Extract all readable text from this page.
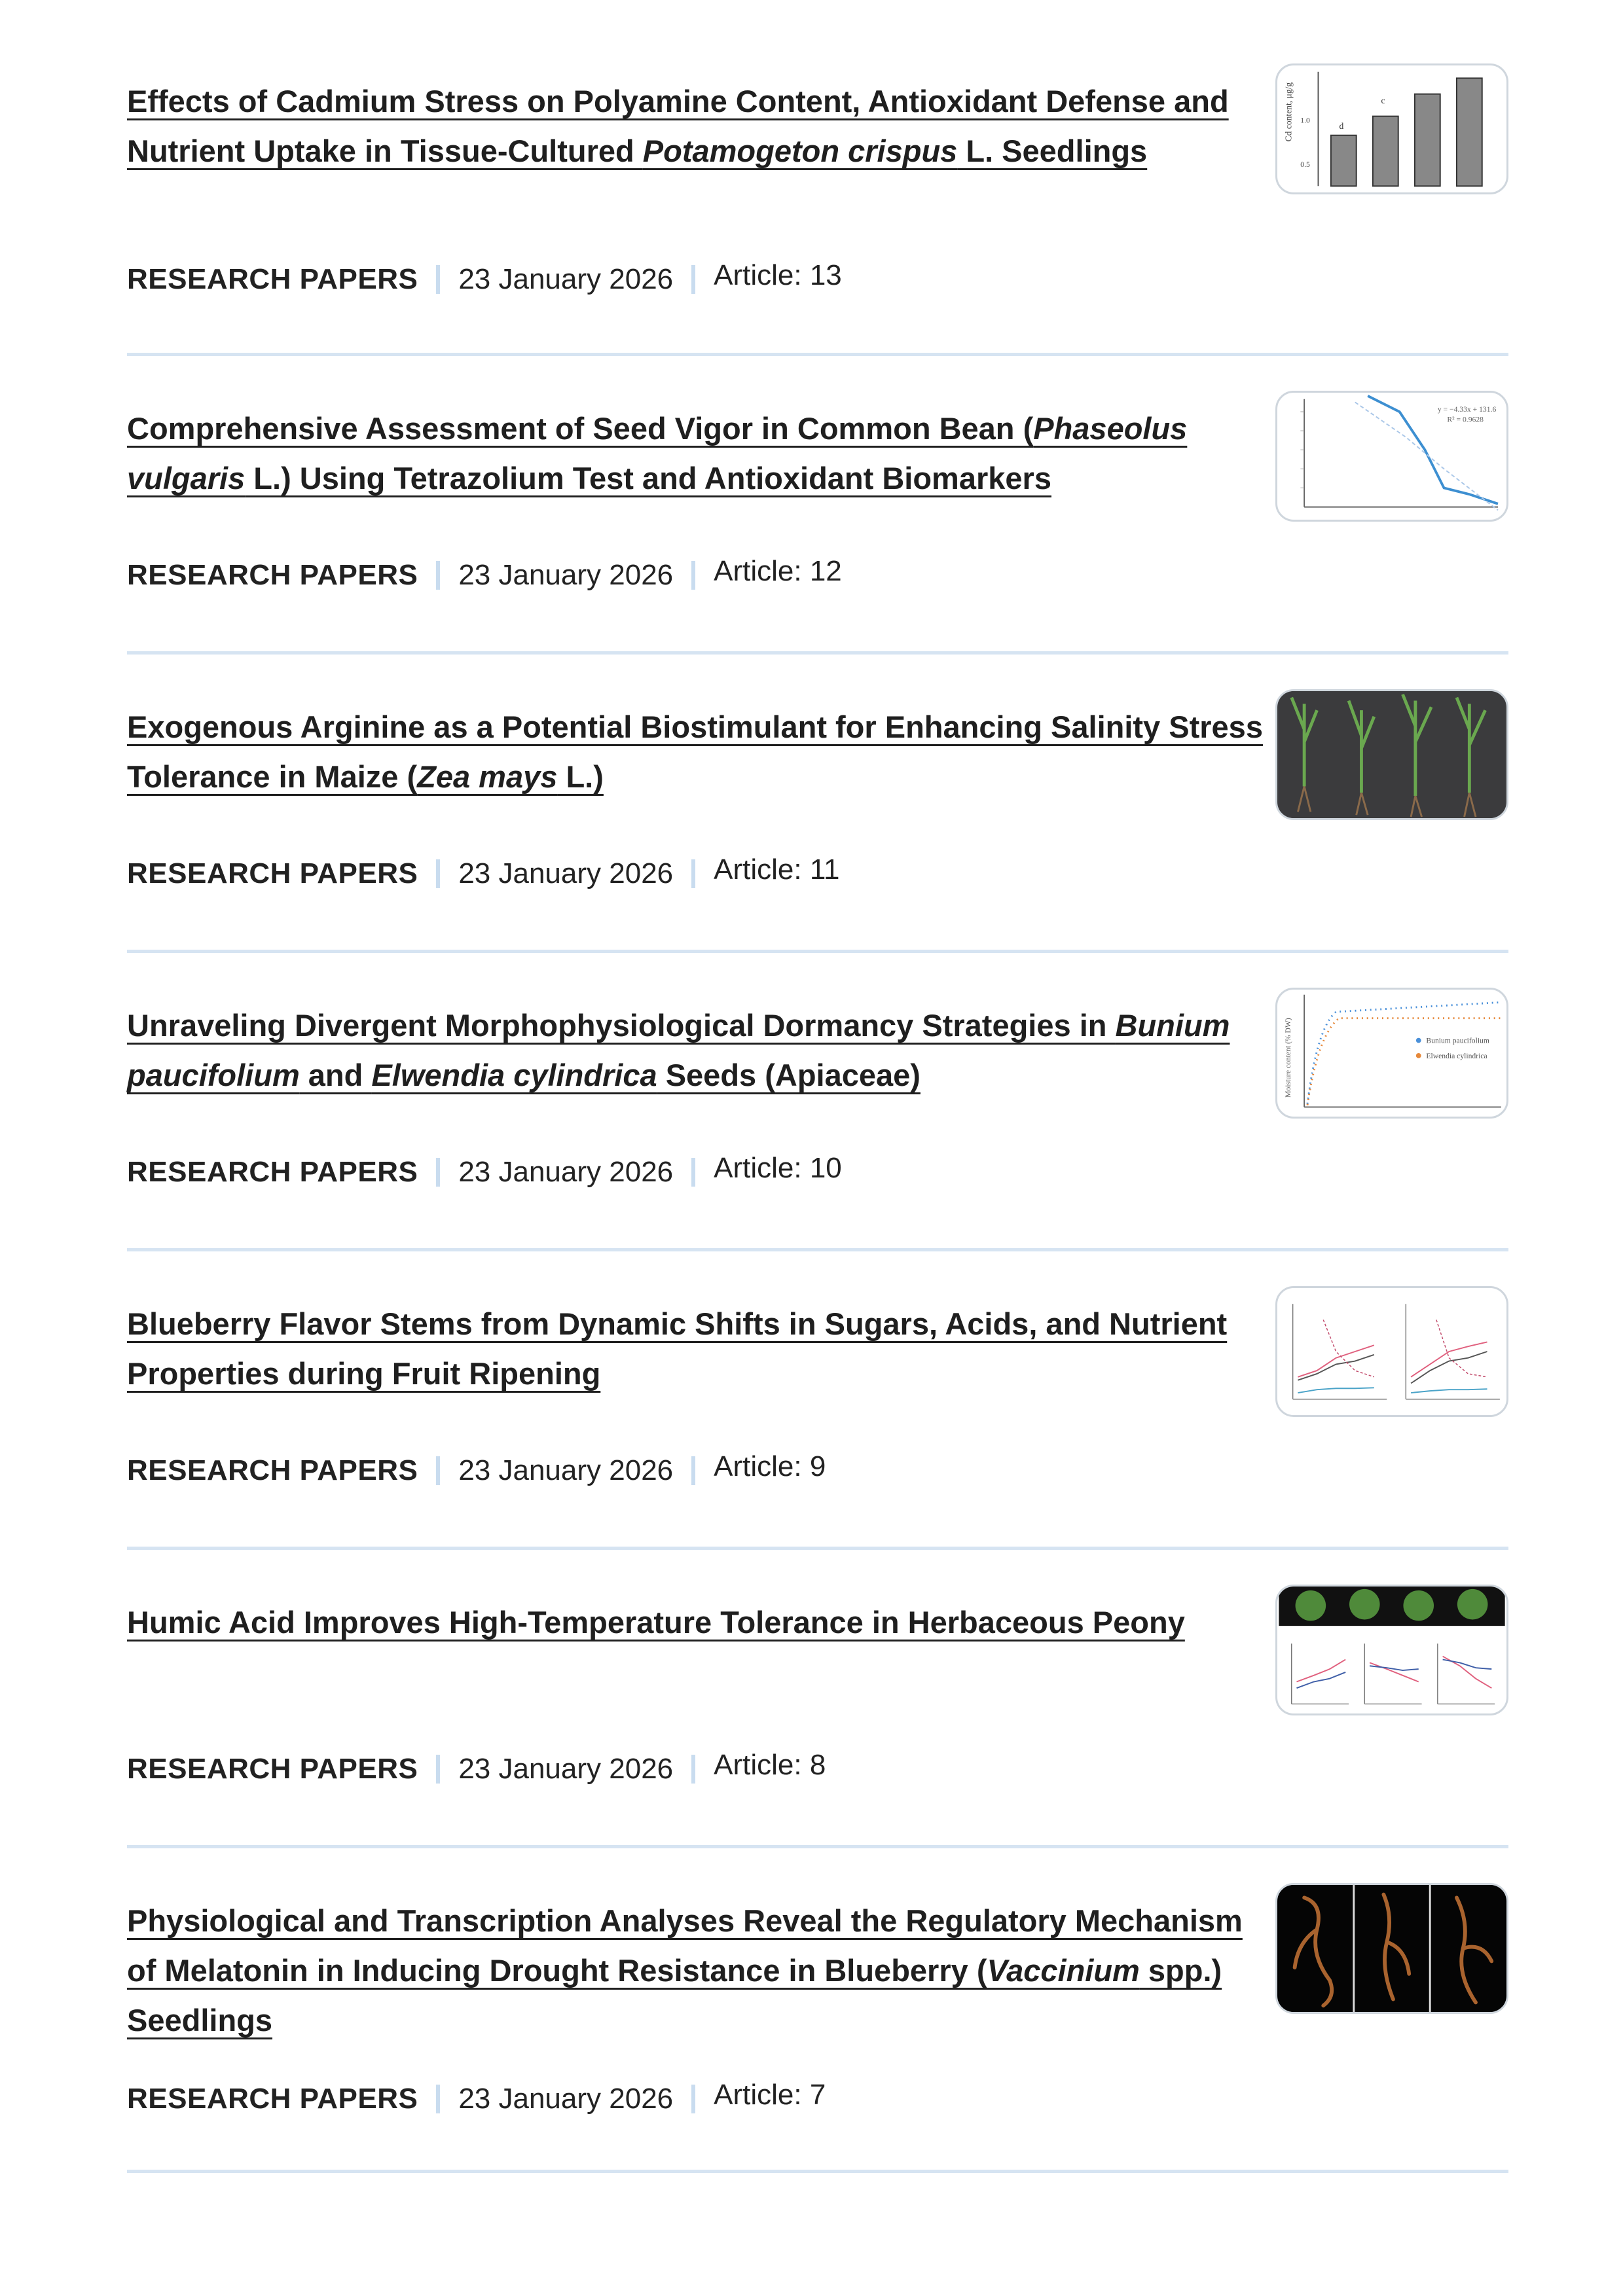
Effects of Cadmium Stress on Polyamine Content, Antioxidant Defense and Nutrient Uptake in Tissue-Cultured Potamogeton crispus L. Seedlings
RESEARCH PAPERS 23 January 2026 Article: 13
Cd content, μg/g 1.0
0.5
d
c
Comprehensive Assessment of Seed Vigor in Common Bean (Phaseolus vulgaris L.) Using Tetrazolium Test and Antioxidant Biomarkers
RESEARCH PAPERS 23 January 2026 Article: 12
y = −4.33x + 131.6
R² = 0.9628
Exogenous Arginine as a Potential Biostimulant for Enhancing Salinity Stress Tolerance in Maize (Zea mays L.)
RESEARCH PAPERS 23 January 2026 Article: 11
Unraveling Divergent Morphophysiological Dormancy Strategies in Bunium paucifolium and Elwendia cylindrica Seeds (Apiaceae)
RESEARCH PAPERS 23 January 2026 Article: 10
Moisture content (% DW)	Bunium paucifolium
Elwendia cylindrica
Blueberry Flavor Stems from Dynamic Shifts in Sugars, Acids, and Nutrient Properties during Fruit Ripening
RESEARCH PAPERS 23 January 2026 Article: 9
Humic Acid Improves High-Temperature Tolerance in Herbaceous Peony
RESEARCH PAPERS 23 January 2026 Article: 8
Physiological and Transcription Analyses Reveal the Regulatory Mechanism of Melatonin in Inducing Drought Resistance in Blueberry (Vaccinium spp.) Seedlings
RESEARCH PAPERS 23 January 2026 Article: 7
